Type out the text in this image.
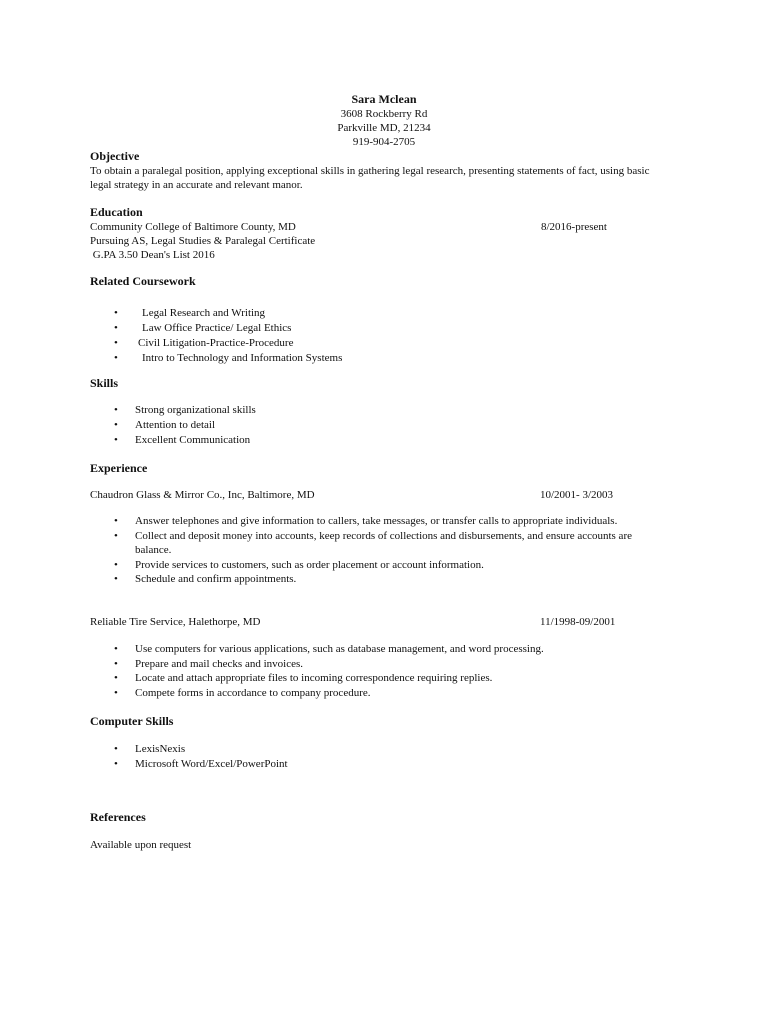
Sara Mclean
3608 Rockberry Rd
Parkville MD, 21234
919-904-2705
Objective
To obtain a paralegal position, applying exceptional skills in gathering legal research, presenting statements of fact, using basic
legal strategy in an accurate and relevant manor.
Education
Community College of Baltimore County, MD	8/2016-present
Pursuing AS, Legal Studies & Paralegal Certificate
G.PA 3.50 Dean's List 2016
Related Coursework
• Legal Research and Writing
• Law Office Practice/ Legal Ethics
• Civil Litigation-Practice-Procedure
• Intro to Technology and Information Systems
Skills
• Strong organizational skills
• Attention to detail
• Excellent Communication
Experience
Chaudron Glass & Mirror Co., Inc, Baltimore, MD	10/2001- 3/2003
• Answer telephones and give information to callers, take messages, or transfer calls to appropriate individuals.
• Collect and deposit money into accounts, keep records of collections and disbursements, and ensure accounts are
balance.
• Provide services to customers, such as order placement or account information.
• Schedule and confirm appointments.
Reliable Tire Service, Halethorpe, MD	11/1998-09/2001
• Use computers for various applications, such as database management, and word processing.
• Prepare and mail checks and invoices.
• Locate and attach appropriate files to incoming correspondence requiring replies.
• Compete forms in accordance to company procedure.
Computer Skills
• LexisNexis
• Microsoft Word/Excel/PowerPoint
References
Available upon request
